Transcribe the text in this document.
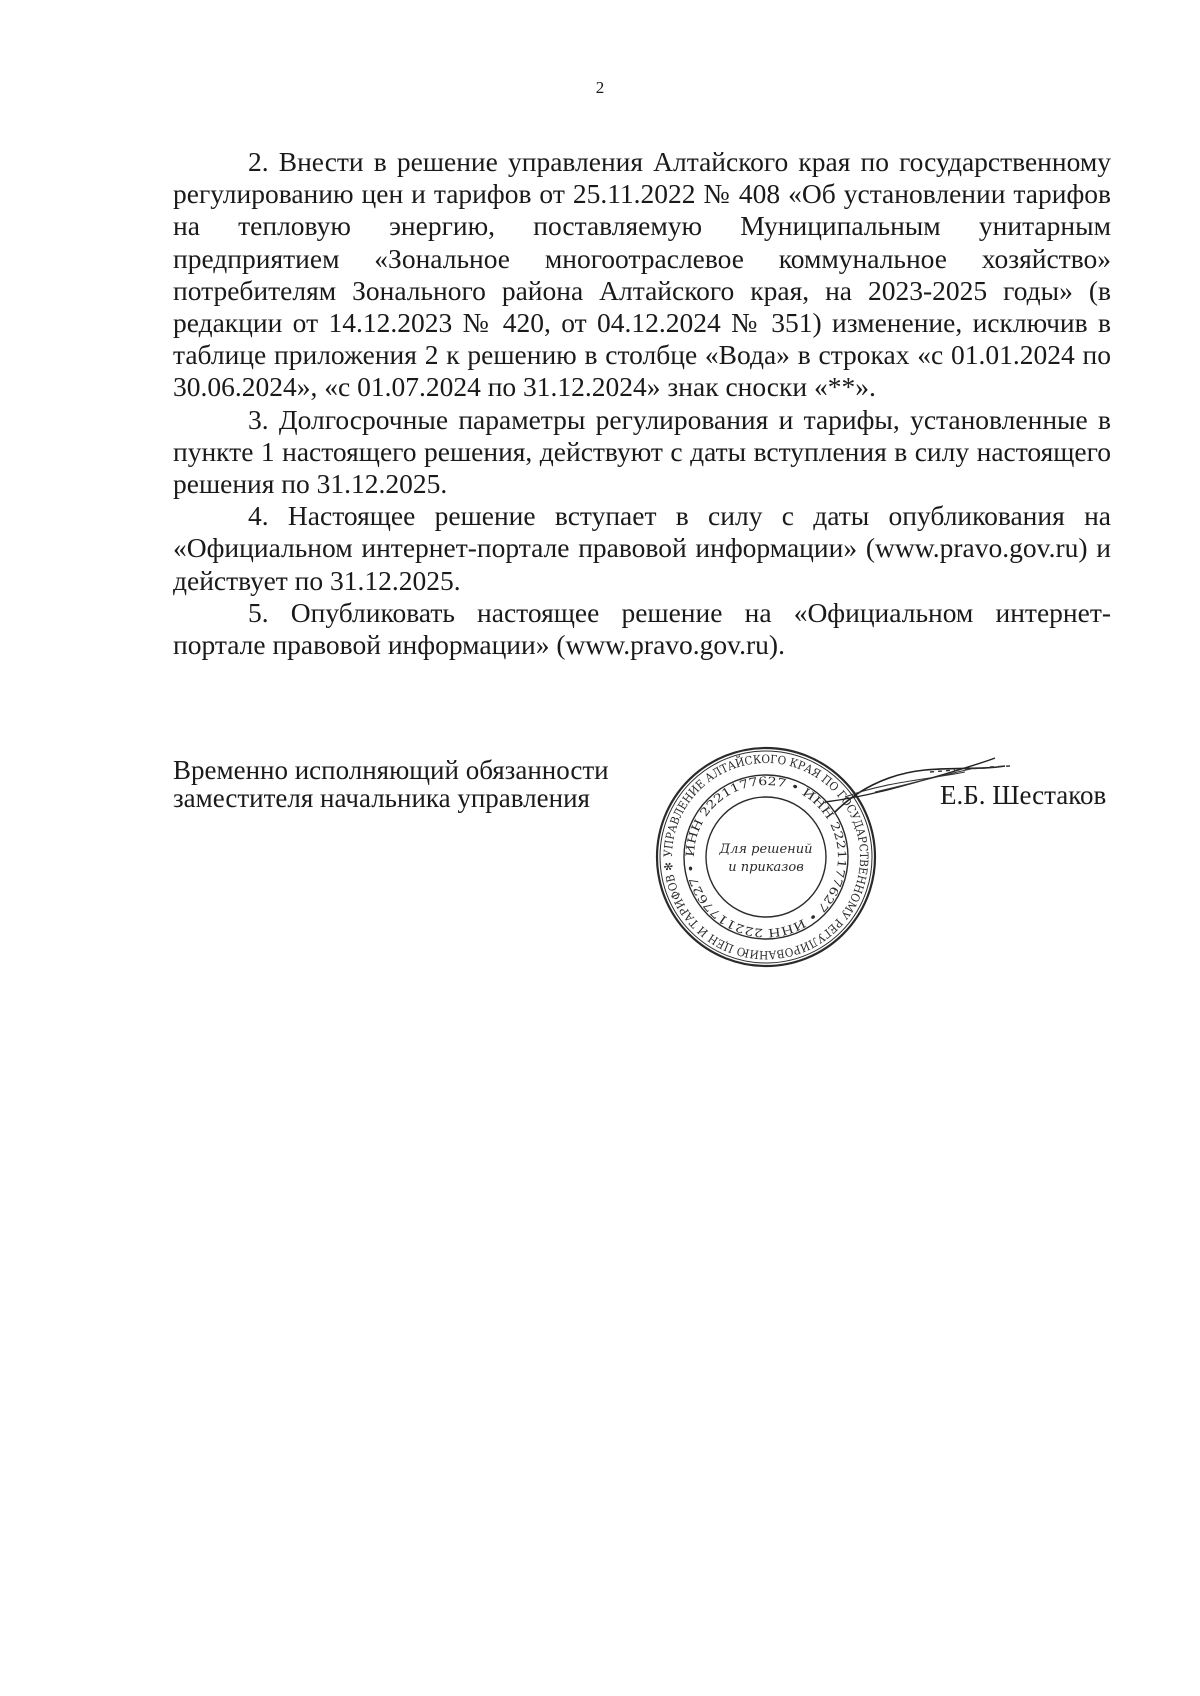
2

2. Внести в решение управления Алтайского края по государственному регулированию цен и тарифов от 25.11.2022 № 408 «Об установлении тарифов на тепловую энергию, поставляемую Муниципальным унитарным предприятием «Зональное многоотраслевое коммунальное хозяйство» потребителям Зонального района Алтайского края, на 2023-2025 годы» (в редакции от 14.12.2023 № 420, от 04.12.2024 № 351) изменение, исключив в таблице приложения 2 к решению в столбце «Вода» в строках «с 01.01.2024 по 30.06.2024», «с 01.07.2024 по 31.12.2024» знак сноски «**».

3. Долгосрочные параметры регулирования и тарифы, установленные в пункте 1 настоящего решения, действуют с даты вступления в силу настоящего решения по 31.12.2025.

4. Настоящее решение вступает в силу с даты опубликования на «Официальном интернет-портале правовой информации» (www.pravo.gov.ru) и действует по 31.12.2025.

5. Опубликовать настоящее решение на «Официальном интернет-портале правовой информации» (www.pravo.gov.ru).

Временно исполняющий обязанности
заместителя начальника управления
УПРАВЛЕНИЕ АЛТАЙСКОГО КРАЯ ПО ГОСУДАРСТВЕННОМУ РЕГУЛИРОВАНИЮ ЦЕН И ТАРИФОВ ✻
ИНН 2221177627 • ИНН 2221177627 • ИНН 2221177627 •
Для решений
и приказов
Е.Б. Шестаков
